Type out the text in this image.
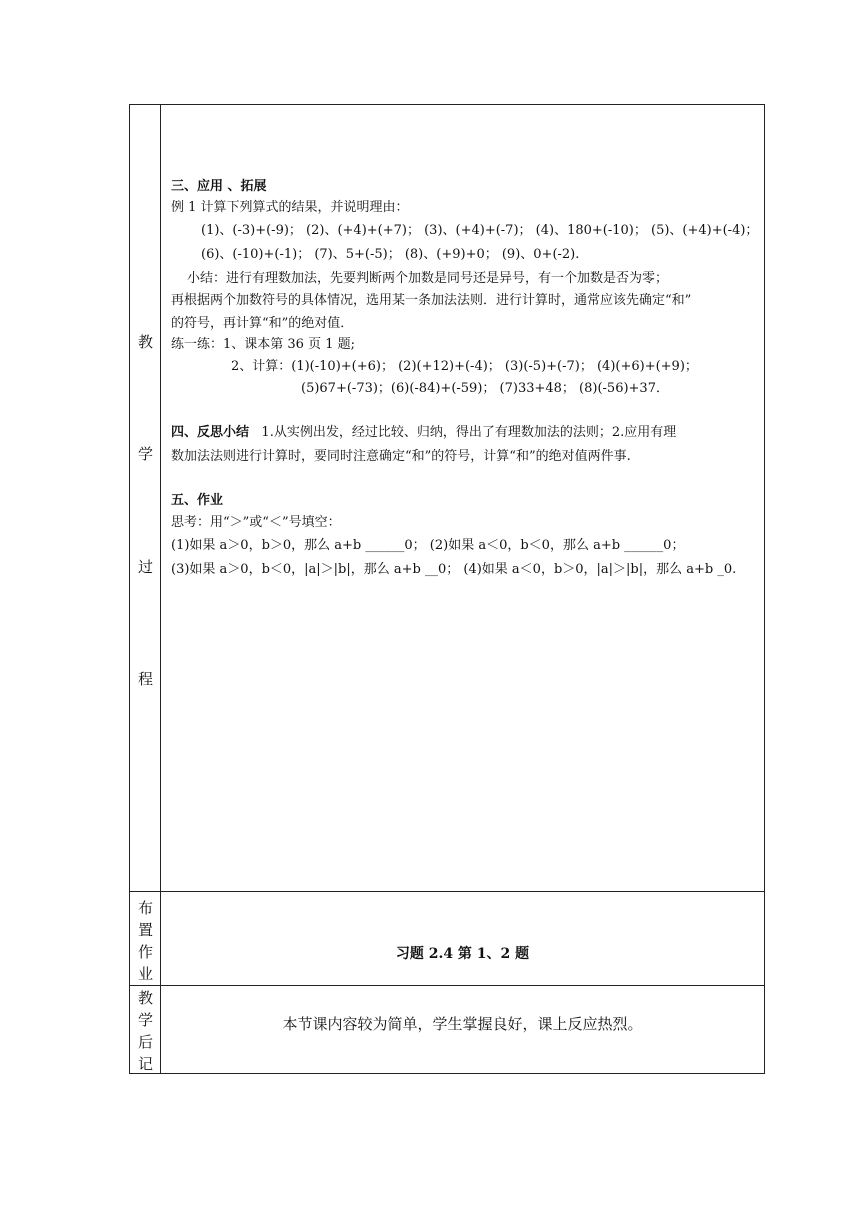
教
学
过
程
三、应用 、拓展
例 1 计算下列算式的结果，并说明理由：
(1)、(-3)+(-9)； (2)、(+4)+(+7)； (3)、(+4)+(-7)； (4)、180+(-10)； (5)、(+4)+(-4)；
(6)、(-10)+(-1)； (7)、5+(-5)； (8)、(+9)+0； (9)、0+(-2).
小结：进行有理数加法，先要判断两个加数是同号还是异号，有一个加数是否为零；
再根据两个加数符号的具体情况，选用某一条加法法则．进行计算时，通常应该先确定“和”
的符号，再计算“和”的绝对值．
练一练：1、课本第 36 页 1 题;
2、计算：(1)(-10)+(+6)； (2)(+12)+(-4)； (3)(-5)+(-7)； (4)(+6)+(+9)；
(5)67+(-73)；(6)(-84)+(-59)； (7)33+48； (8)(-56)+37．
四、反思小结 1.从实例出发，经过比较、归纳，得出了有理数加法的法则；2.应用有理
数加法法则进行计算时，要同时注意确定“和”的符号，计算“和”的绝对值两件事.
五、作业
思考：用“＞”或“＜”号填空：
(1)如果 a＞0，b＞0，那么 a+b ______0； (2)如果 a＜0，b＜0，那么 a+b ______0；
(3)如果 a＞0，b＜0，|a|＞|b|，那么 a+b __0； (4)如果 a＜0，b＞0，|a|＞|b|，那么 a+b _0.
布
置
作
业
习题 2.4 第 1、2 题
教
学
后
记
本节课内容较为简单，学生掌握良好，课上反应热烈。
